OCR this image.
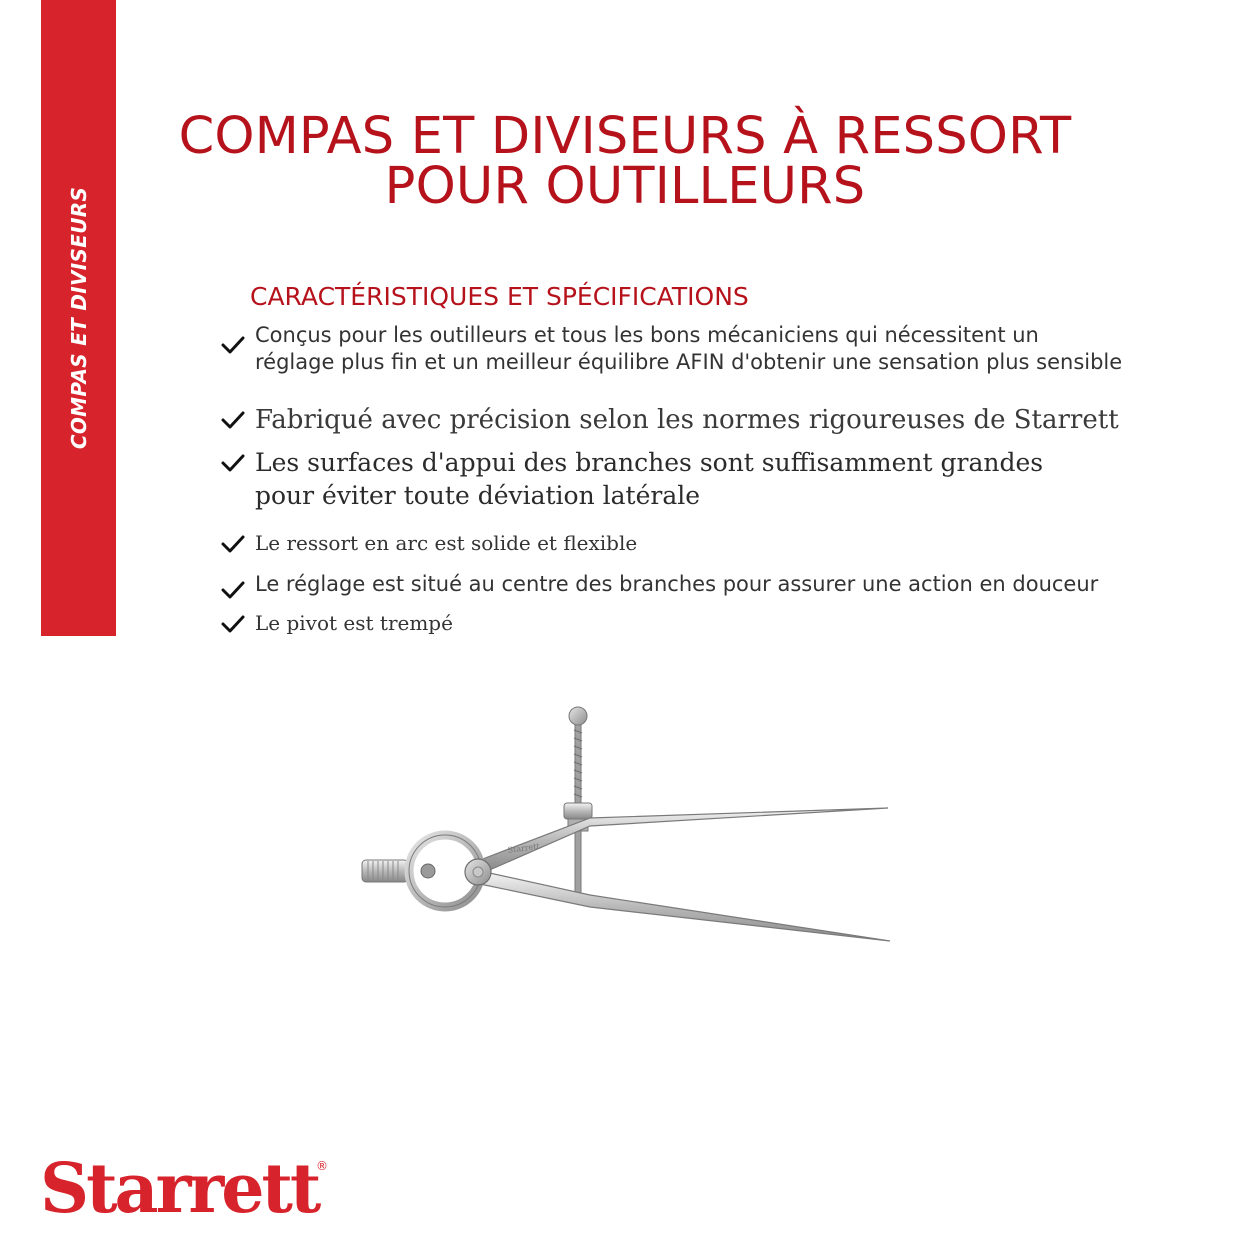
COMPAS ET DIVISEURS
COMPAS ET DIVISEURS À RESSORT
POUR OUTILLEURS
CARACTÉRISTIQUES ET SPÉCIFICATIONS
Conçus pour les outilleurs et tous les bons mécaniciens qui nécessitent un
réglage plus fin et un meilleur équilibre AFIN d'obtenir une sensation plus sensible
Fabriqué avec précision selon les normes rigoureuses de Starrett
Les surfaces d'appui des branches sont suffisamment grandes
pour éviter toute déviation latérale
Le ressort en arc est solide et flexible
Le réglage est situé au centre des branches pour assurer une action en douceur
Le pivot est trempé
Starrett
Starrett
®
